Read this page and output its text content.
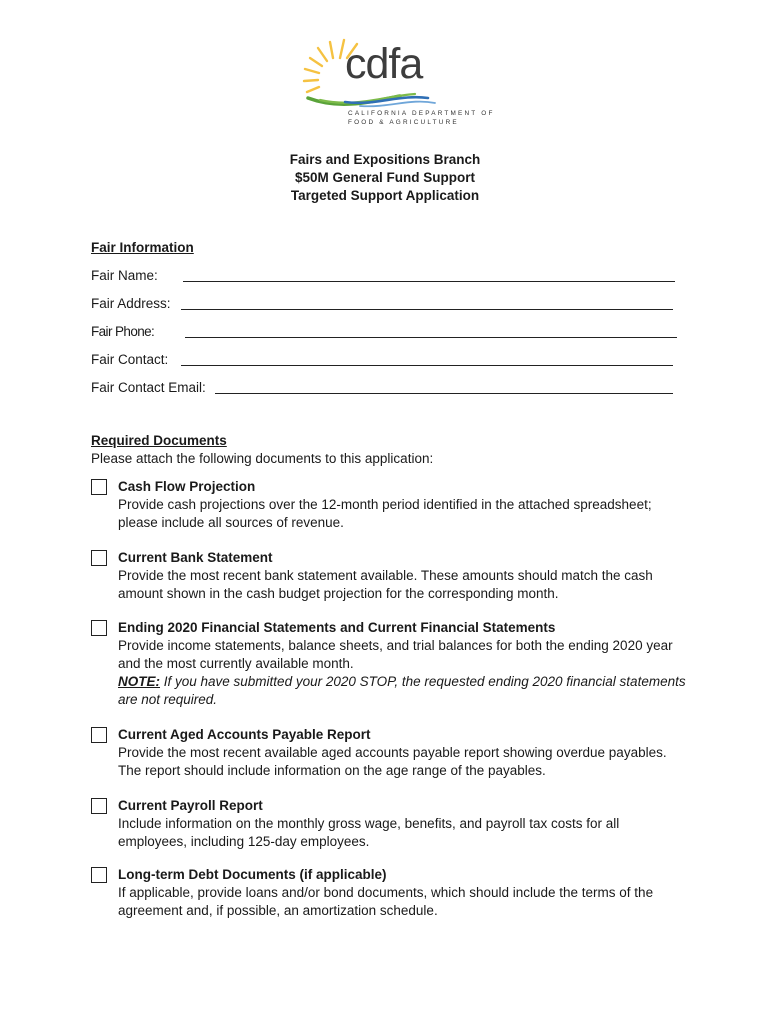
cdfa
CALIFORNIA DEPARTMENT OF
FOOD & AGRICULTURE
Fairs and Expositions Branch
$50M General Fund Support
Targeted Support Application
Fair Information
Fair Name:
Fair Address:
Fair Phone:
Fair Contact:
Fair Contact Email:
Required Documents
Please attach the following documents to this application:
Cash Flow Projection
Provide cash projections over the 12-month period identified in the attached spreadsheet; please include all sources of revenue.
Current Bank Statement
Provide the most recent bank statement available. These amounts should match the cash amount shown in the cash budget projection for the corresponding month.
Ending 2020 Financial Statements and Current Financial Statements
Provide income statements, balance sheets, and trial balances for both the ending 2020 year and the most currently available month.
NOTE: If you have submitted your 2020 STOP, the requested ending 2020 financial statements are not required.
Current Aged Accounts Payable Report
Provide the most recent available aged accounts payable report showing overdue payables. The report should include information on the age range of the payables.
Current Payroll Report
Include information on the monthly gross wage, benefits, and payroll tax costs for all employees, including 125-day employees.
Long-term Debt Documents (if applicable)
If applicable, provide loans and/or bond documents, which should include the terms of the agreement and, if possible, an amortization schedule.
